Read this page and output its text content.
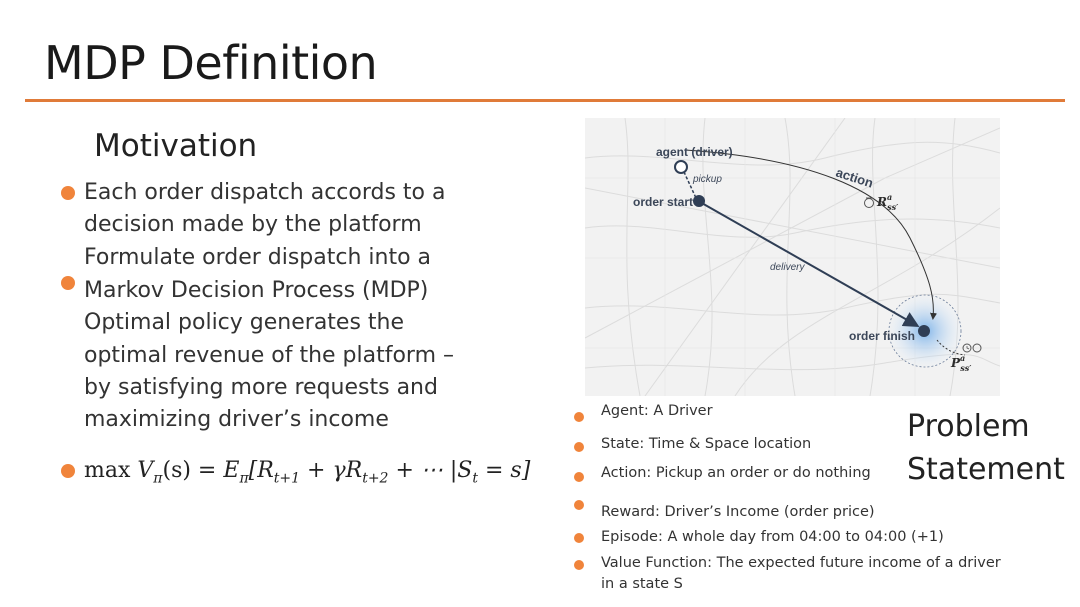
MDP Definition
Motivation
Each order dispatch accords to a
decision made by the platform
Formulate order dispatch into a
Markov Decision Process (MDP)
Optimal policy generates the
optimal revenue of the platform –
by satisfying more requests and
maximizing driver’s income
$\max V_\pi(s) = E_\pi[R_{t+1} + \gamma R_{t+2}$ + ⋯ $|S_t = s$]
agent (driver)
pickup
order start
action
$R^a$ ss′
delivery
order finish
$P^a$ ss′
Agent: A Driver
State: Time & Space location
Action: Pickup an order or do nothing
Reward: Driver’s Income (order price)
Episode: A whole day from 04:00 to 04:00 (+1)
Value Function: The expected future income of a driver
in a state S
Problem
Statement
